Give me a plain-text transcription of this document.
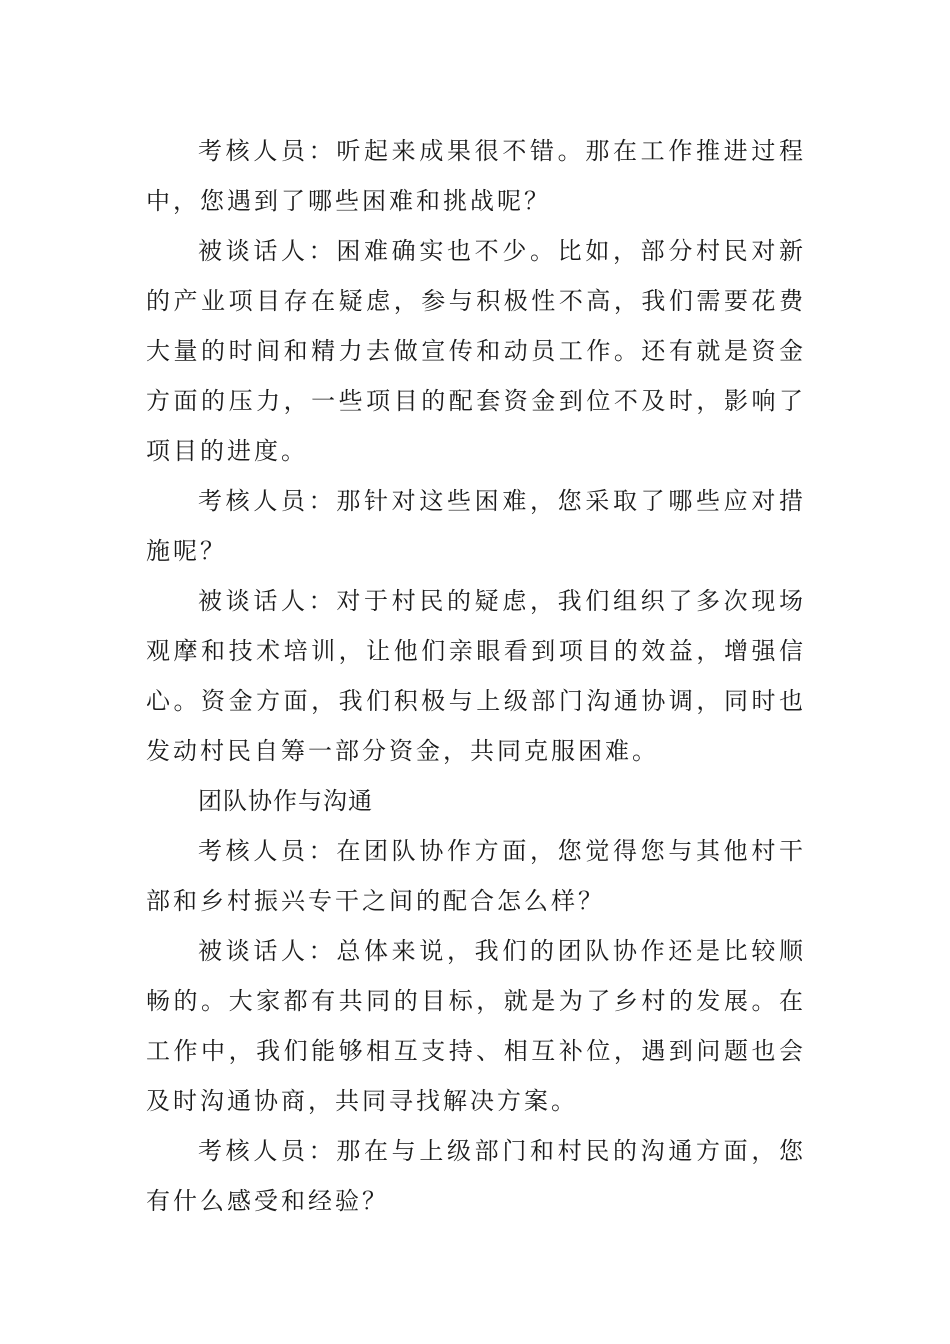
考核人员：听起来成果很不错。那在工作推进过程中，您遇到了哪些困难和挑战呢？

被谈话人：困难确实也不少。比如，部分村民对新的产业项目存在疑虑，参与积极性不高，我们需要花费大量的时间和精力去做宣传和动员工作。还有就是资金方面的压力，一些项目的配套资金到位不及时，影响了项目的进度。

考核人员：那针对这些困难，您采取了哪些应对措施呢？

被谈话人：对于村民的疑虑，我们组织了多次现场观摩和技术培训，让他们亲眼看到项目的效益，增强信心。资金方面，我们积极与上级部门沟通协调，同时也发动村民自筹一部分资金，共同克服困难。

团队协作与沟通

考核人员：在团队协作方面，您觉得您与其他村干部和乡村振兴专干之间的配合怎么样？

被谈话人：总体来说，我们的团队协作还是比较顺畅的。大家都有共同的目标，就是为了乡村的发展。在工作中，我们能够相互支持、相互补位，遇到问题也会及时沟通协商，共同寻找解决方案。

考核人员：那在与上级部门和村民的沟通方面，您有什么感受和经验？
